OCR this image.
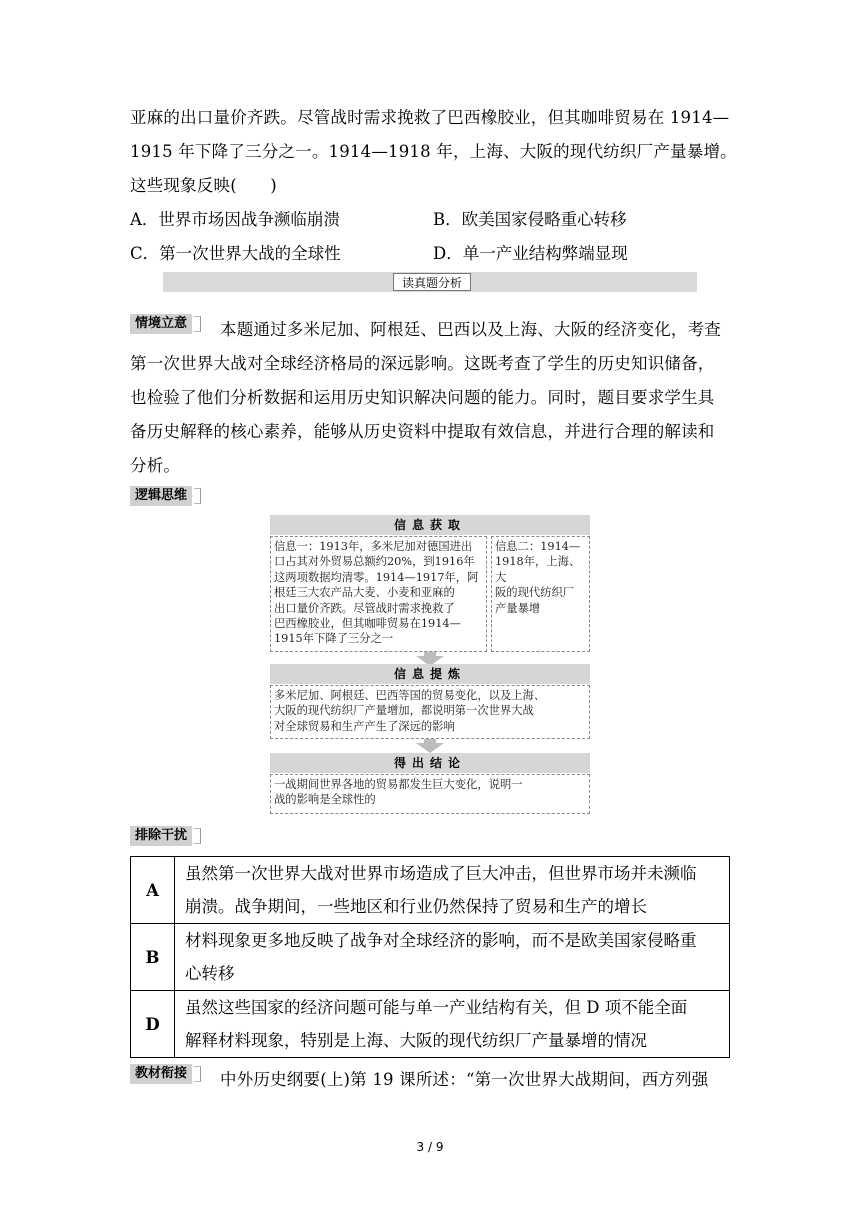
亚麻的出口量价齐跌。尽管战时需求挽救了巴西橡胶业，但其咖啡贸易在 1914—
1915 年下降了三分之一。1914—1918 年，上海、大阪的现代纺织厂产量暴增。
这些现象反映(　　)
A．世界市场因战争濒临崩溃	B．欧美国家侵略重心转移
C．第一次世界大战的全球性	D．单一产业结构弊端显现
读真题分析
情境立意	本题通过多米尼加、阿根廷、巴西以及上海、大阪的经济变化，考查
第一次世界大战对全球经济格局的深远影响。这既考查了学生的历史知识储备，
也检验了他们分析数据和运用历史知识解决问题的能力。同时，题目要求学生具
备历史解释的核心素养，能够从历史资料中提取有效信息，并进行合理的解读和
分析。
逻辑思维
信息获取
信息一：1913年，多米尼加对德国进出
口占其对外贸易总额约20%，到1916年
这两项数据均清零。1914—1917年，阿
根廷三大农产品大麦、小麦和亚麻的
出口量价齐跌。尽管战时需求挽救了
巴西橡胶业，但其咖啡贸易在1914—
1915年下降了三分之一
信息二：1914—
1918年，上海、大
阪的现代纺织厂
产量暴增
信息提炼
多米尼加、阿根廷、巴西等国的贸易变化，以及上海、
大阪的现代纺织厂产量增加，都说明第一次世界大战
对全球贸易和生产产生了深远的影响
得出结论
一战期间世界各地的贸易都发生巨大变化，说明一
战的影响是全球性的
排除干扰
A	虽然第一次世界大战对世界市场造成了巨大冲击，但世界市场并未濒临
崩溃。战争期间，一些地区和行业仍然保持了贸易和生产的增长

B	材料现象更多地反映了战争对全球经济的影响，而不是欧美国家侵略重
心转移

D	虽然这些国家的经济问题可能与单一产业结构有关，但 D 项不能全面
解释材料现象，特别是上海、大阪的现代纺织厂产量暴增的情况
教材衔接	中外历史纲要(上)第 19 课所述：“第一次世界大战期间，西方列强
3 / 9
